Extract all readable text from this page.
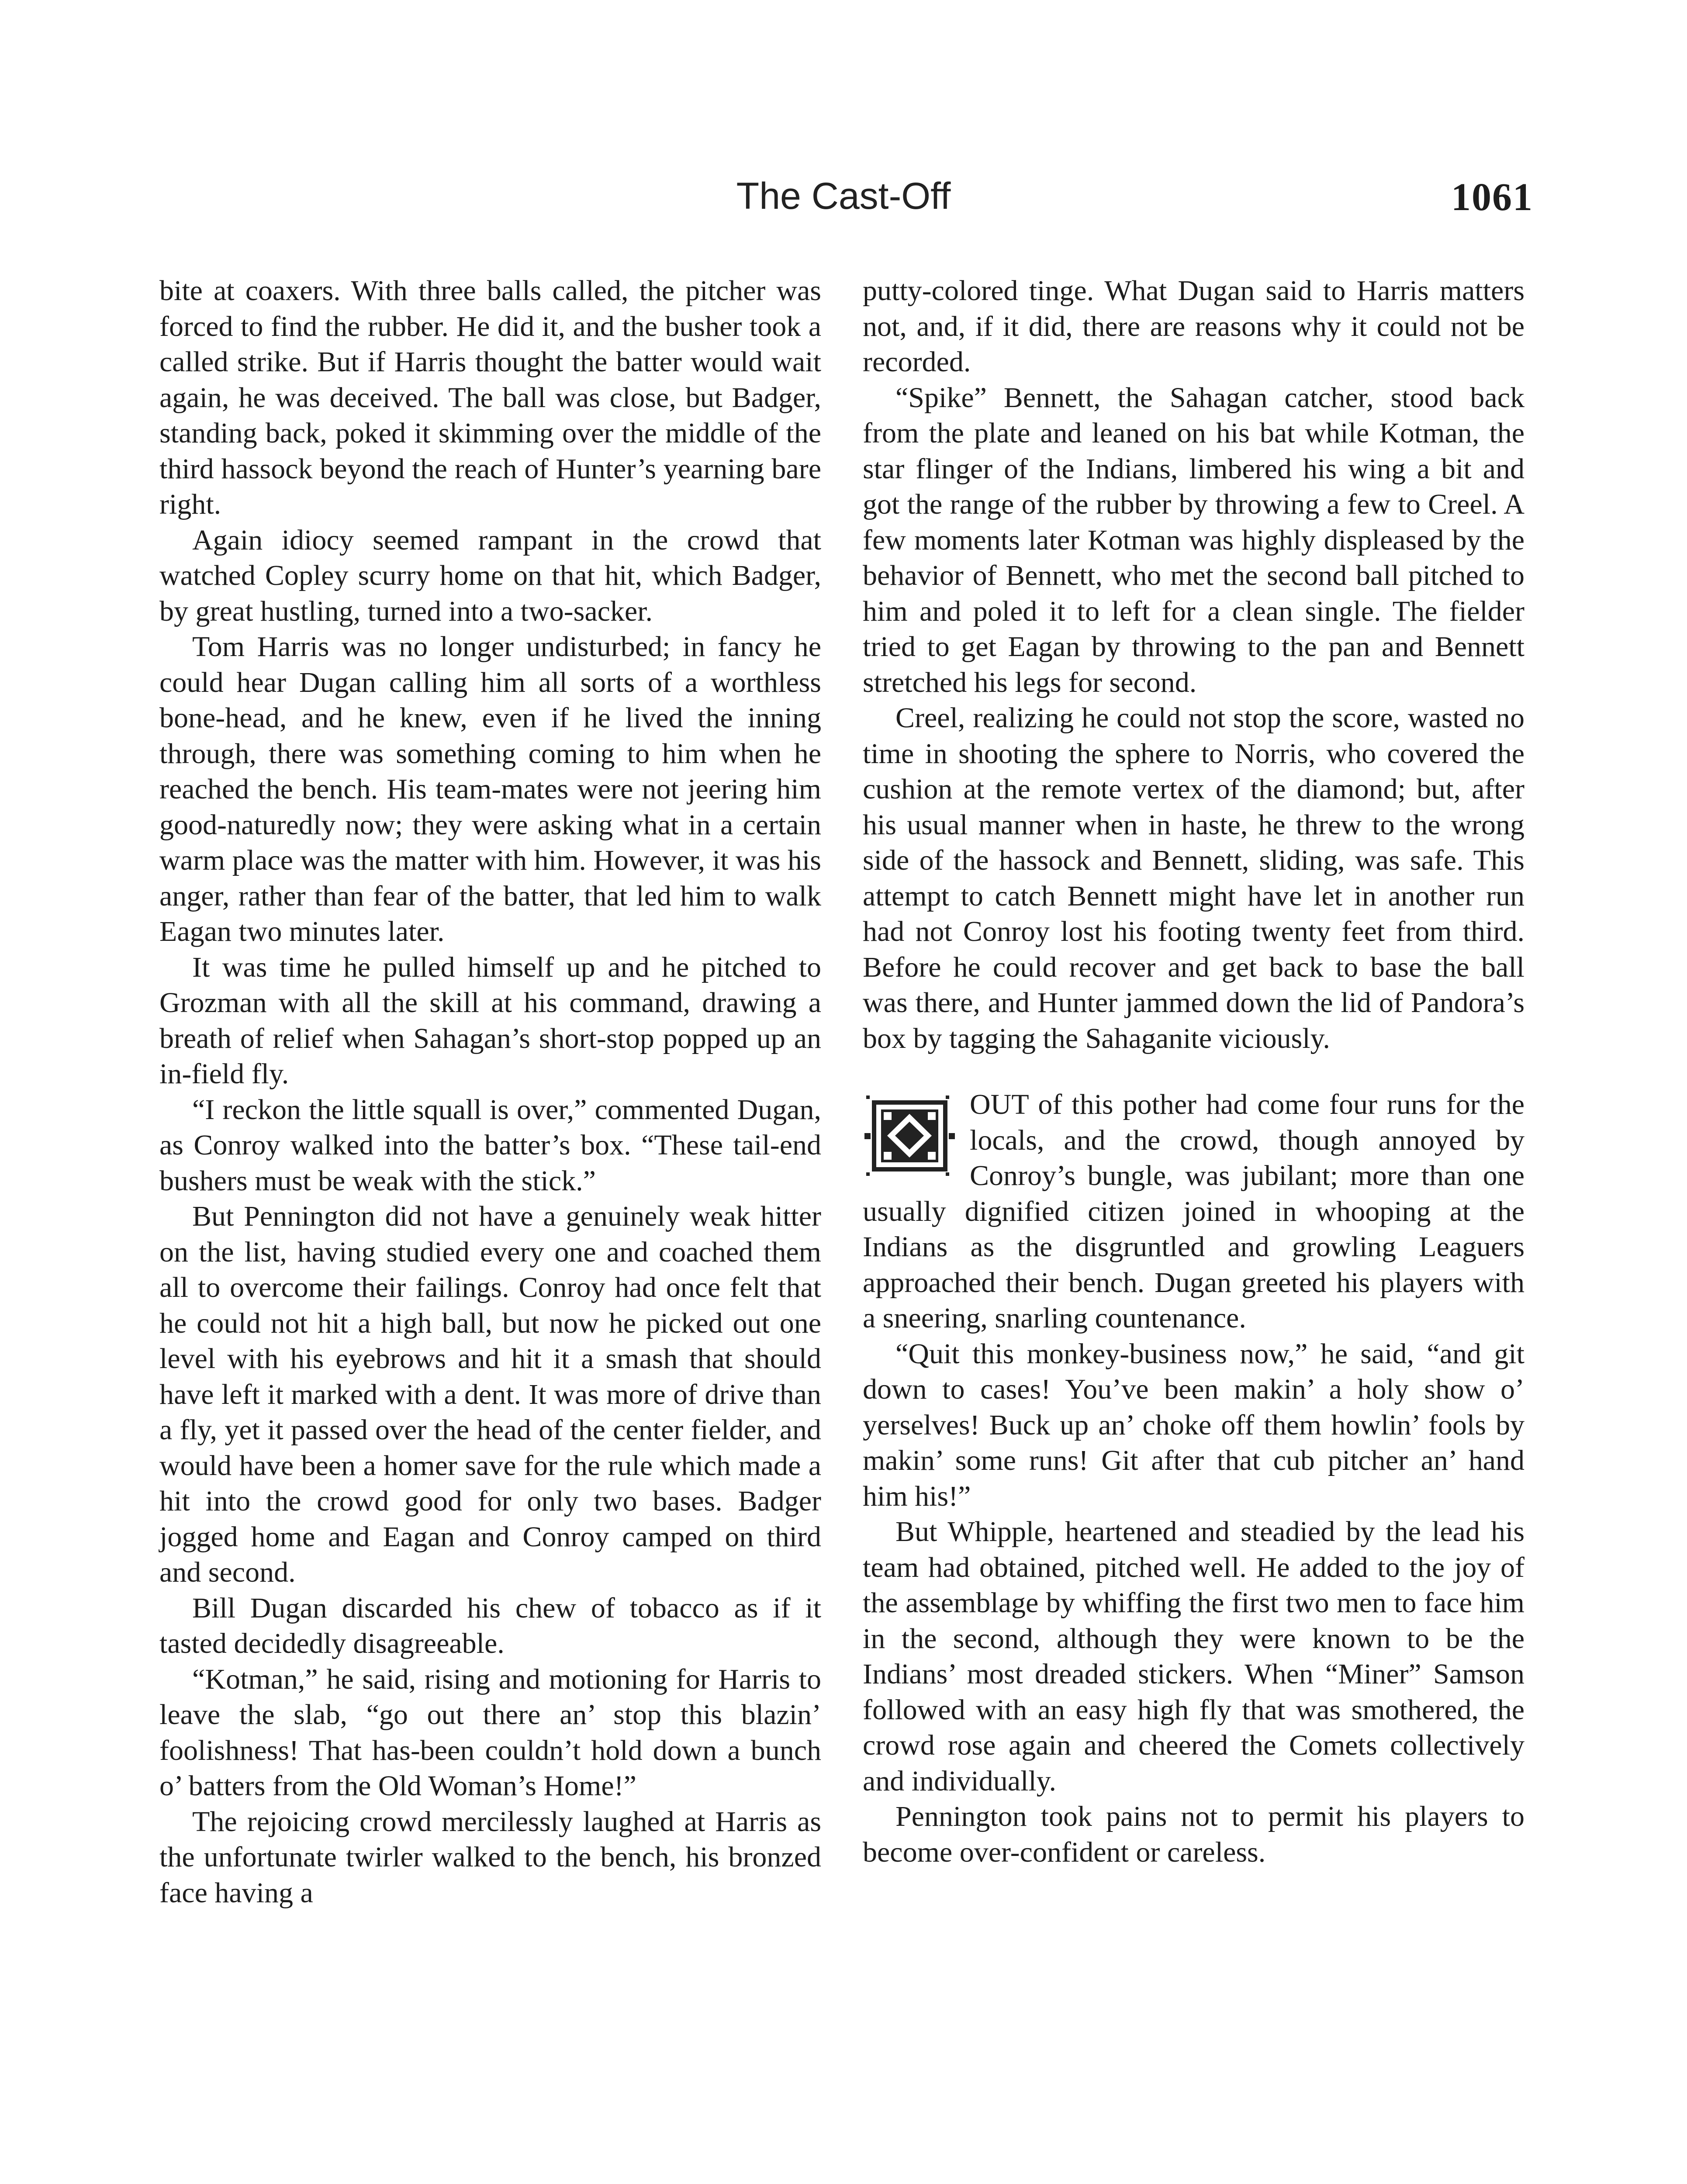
The Cast-Off	1061

bite at coaxers. With three balls called, the pitcher was forced to find the rubber. He did it, and the busher took a called strike. But if Harris thought the batter would wait again, he was deceived. The ball was close, but Badger, standing back, poked it skimming over the middle of the third hassock beyond the reach of Hunter’s yearning bare right.

Again idiocy seemed rampant in the crowd that watched Copley scurry home on that hit, which Badger, by great hustling, turned into a two-sacker.

Tom Harris was no longer undisturbed; in fancy he could hear Dugan calling him all sorts of a worthless bone-head, and he knew, even if he lived the inning through, there was something coming to him when he reached the bench. His team-mates were not jeering him good-naturedly now; they were asking what in a certain warm place was the matter with him. However, it was his anger, rather than fear of the batter, that led him to walk Eagan two minutes later.

It was time he pulled himself up and he pitched to Grozman with all the skill at his command, drawing a breath of relief when Sahagan’s short-stop popped up an in-field fly.

“I reckon the little squall is over,” commented Dugan, as Conroy walked into the batter’s box. “These tail-end bushers must be weak with the stick.”

But Pennington did not have a genuinely weak hitter on the list, having studied every one and coached them all to overcome their failings. Conroy had once felt that he could not hit a high ball, but now he picked out one level with his eyebrows and hit it a smash that should have left it marked with a dent. It was more of drive than a fly, yet it passed over the head of the center fielder, and would have been a homer save for the rule which made a hit into the crowd good for only two bases. Badger jogged home and Eagan and Conroy camped on third and second.

Bill Dugan discarded his chew of tobacco as if it tasted decidedly disagreeable.

“Kotman,” he said, rising and motioning for Harris to leave the slab, “go out there an’ stop this blazin’ foolishness! That has-been couldn’t hold down a bunch o’ batters from the Old Woman’s Home!”

The rejoicing crowd mercilessly laughed at Harris as the unfortunate twirler walked to the bench, his bronzed face having a

putty-colored tinge. What Dugan said to Harris matters not, and, if it did, there are reasons why it could not be recorded.

“Spike” Bennett, the Sahagan catcher, stood back from the plate and leaned on his bat while Kotman, the star flinger of the Indians, limbered his wing a bit and got the range of the rubber by throwing a few to Creel. A few moments later Kotman was highly displeased by the behavior of Bennett, who met the second ball pitched to him and poled it to left for a clean single. The fielder tried to get Eagan by throwing to the pan and Bennett stretched his legs for second.

Creel, realizing he could not stop the score, wasted no time in shooting the sphere to Norris, who covered the cushion at the remote vertex of the diamond; but, after his usual manner when in haste, he threw to the wrong side of the hassock and Bennett, sliding, was safe. This attempt to catch Bennett might have let in another run had not Conroy lost his footing twenty feet from third. Before he could recover and get back to base the ball was there, and Hunter jammed down the lid of Pandora’s box by tagging the Sahaganite viciously.

OUT of this pother had come four runs for the locals, and the crowd, though annoyed by Conroy’s bungle, was jubilant; more than one usually dignified citizen joined in whooping at the Indians as the disgruntled and growling Leaguers approached their bench. Dugan greeted his players with a sneering, snarling countenance.

“Quit this monkey-business now,” he said, “and git down to cases! You’ve been makin’ a holy show o’ yerselves! Buck up an’ choke off them howlin’ fools by makin’ some runs! Git after that cub pitcher an’ hand him his!”

But Whipple, heartened and steadied by the lead his team had obtained, pitched well. He added to the joy of the assemblage by whiffing the first two men to face him in the second, although they were known to be the Indians’ most dreaded stickers. When “Miner” Samson followed with an easy high fly that was smothered, the crowd rose again and cheered the Comets collectively and individually.

Pennington took pains not to permit his players to become over-confident or careless.
